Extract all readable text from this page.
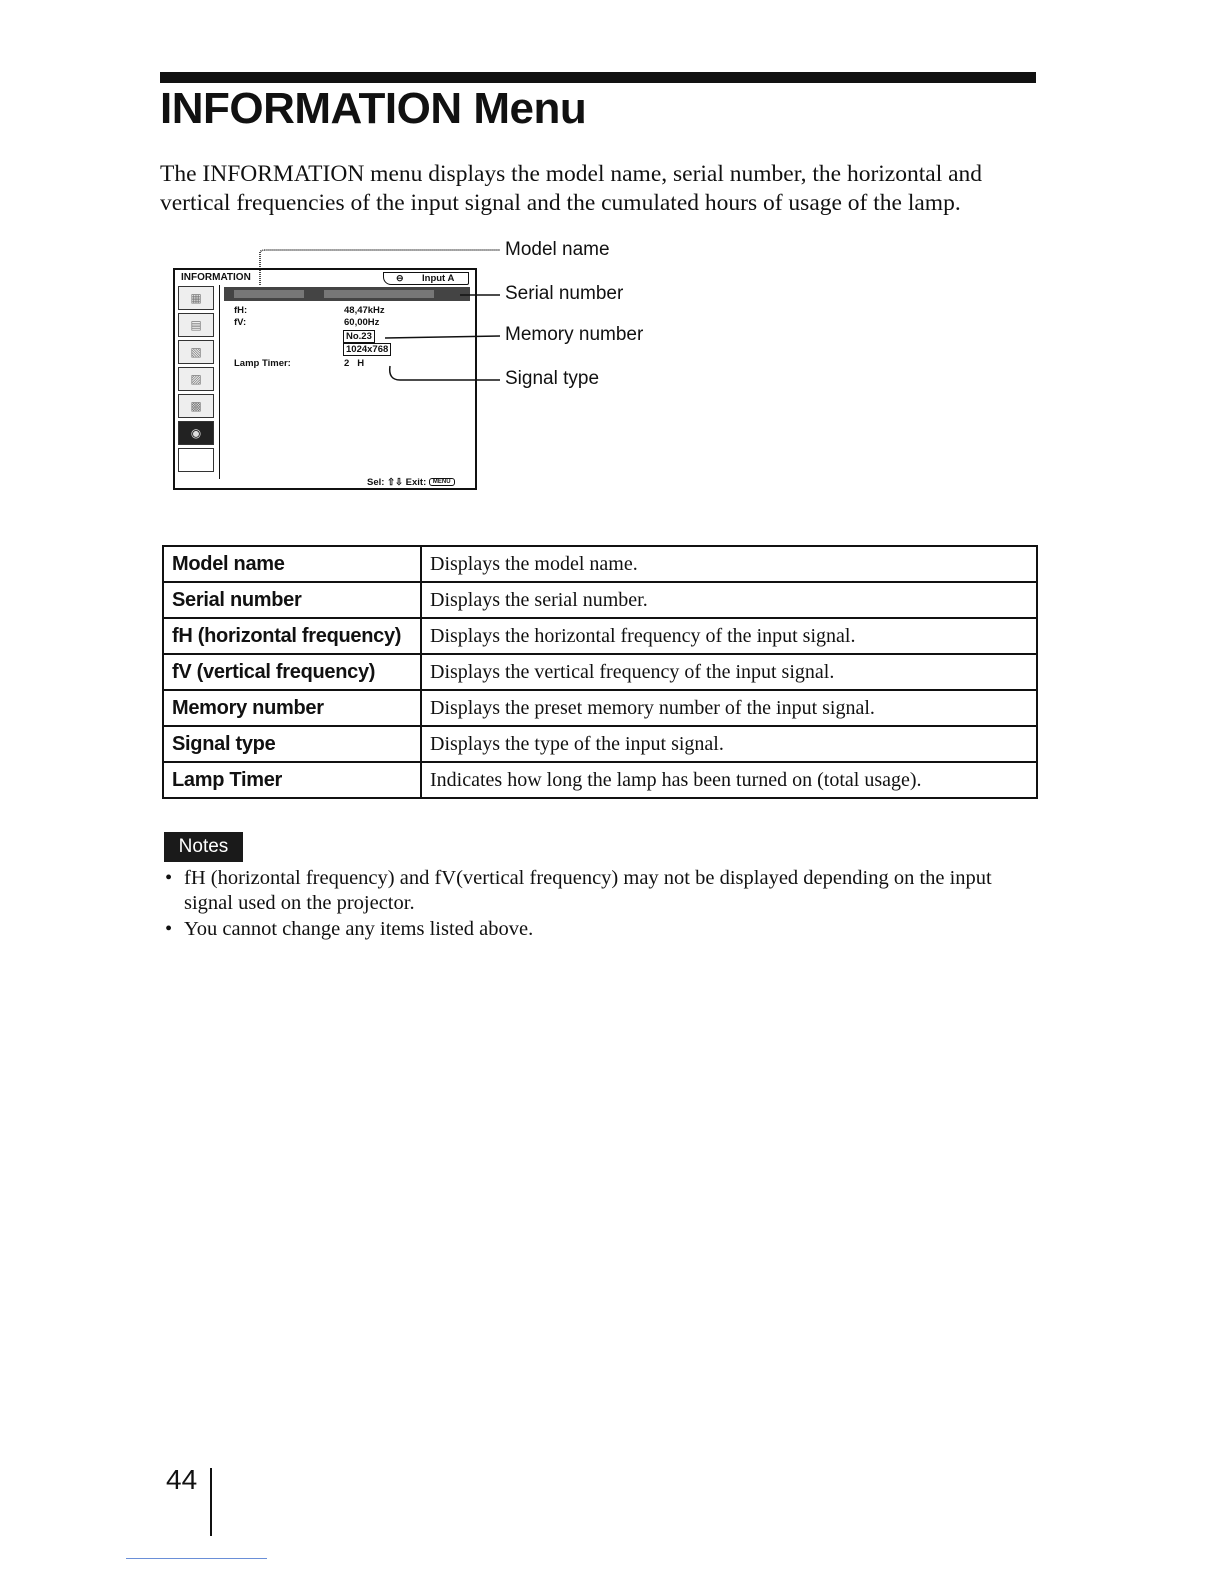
INFORMATION Menu

The INFORMATION menu displays the model name, serial number, the horizontal and vertical frequencies of the input signal and the cumulated hours of usage of the lamp.

INFORMATION	⊖ Input A
▦
▤
▧
▨
▩
◉
fH:	48,47kHz
fV:	60,00Hz
No.23
1024x768
Lamp Timer:	2   H
Sel: ⇧⇩ Exit: MENU
Model name
Serial number
Memory number
Signal type
Model name	Displays the model name.
Serial number	Displays the serial number.
fH (horizontal frequency)	Displays the horizontal frequency of the input signal.
fV (vertical frequency)	Displays the vertical frequency of the input signal.
Memory number	Displays the preset memory number of the input signal.
Signal type	Displays the type of the input signal.
Lamp Timer	Indicates how long the lamp has been turned on (total usage).
Notes
• fH (horizontal frequency) and fV(vertical frequency) may not be displayed depending on the input signal used on the projector.
• You cannot change any items listed above.
44
